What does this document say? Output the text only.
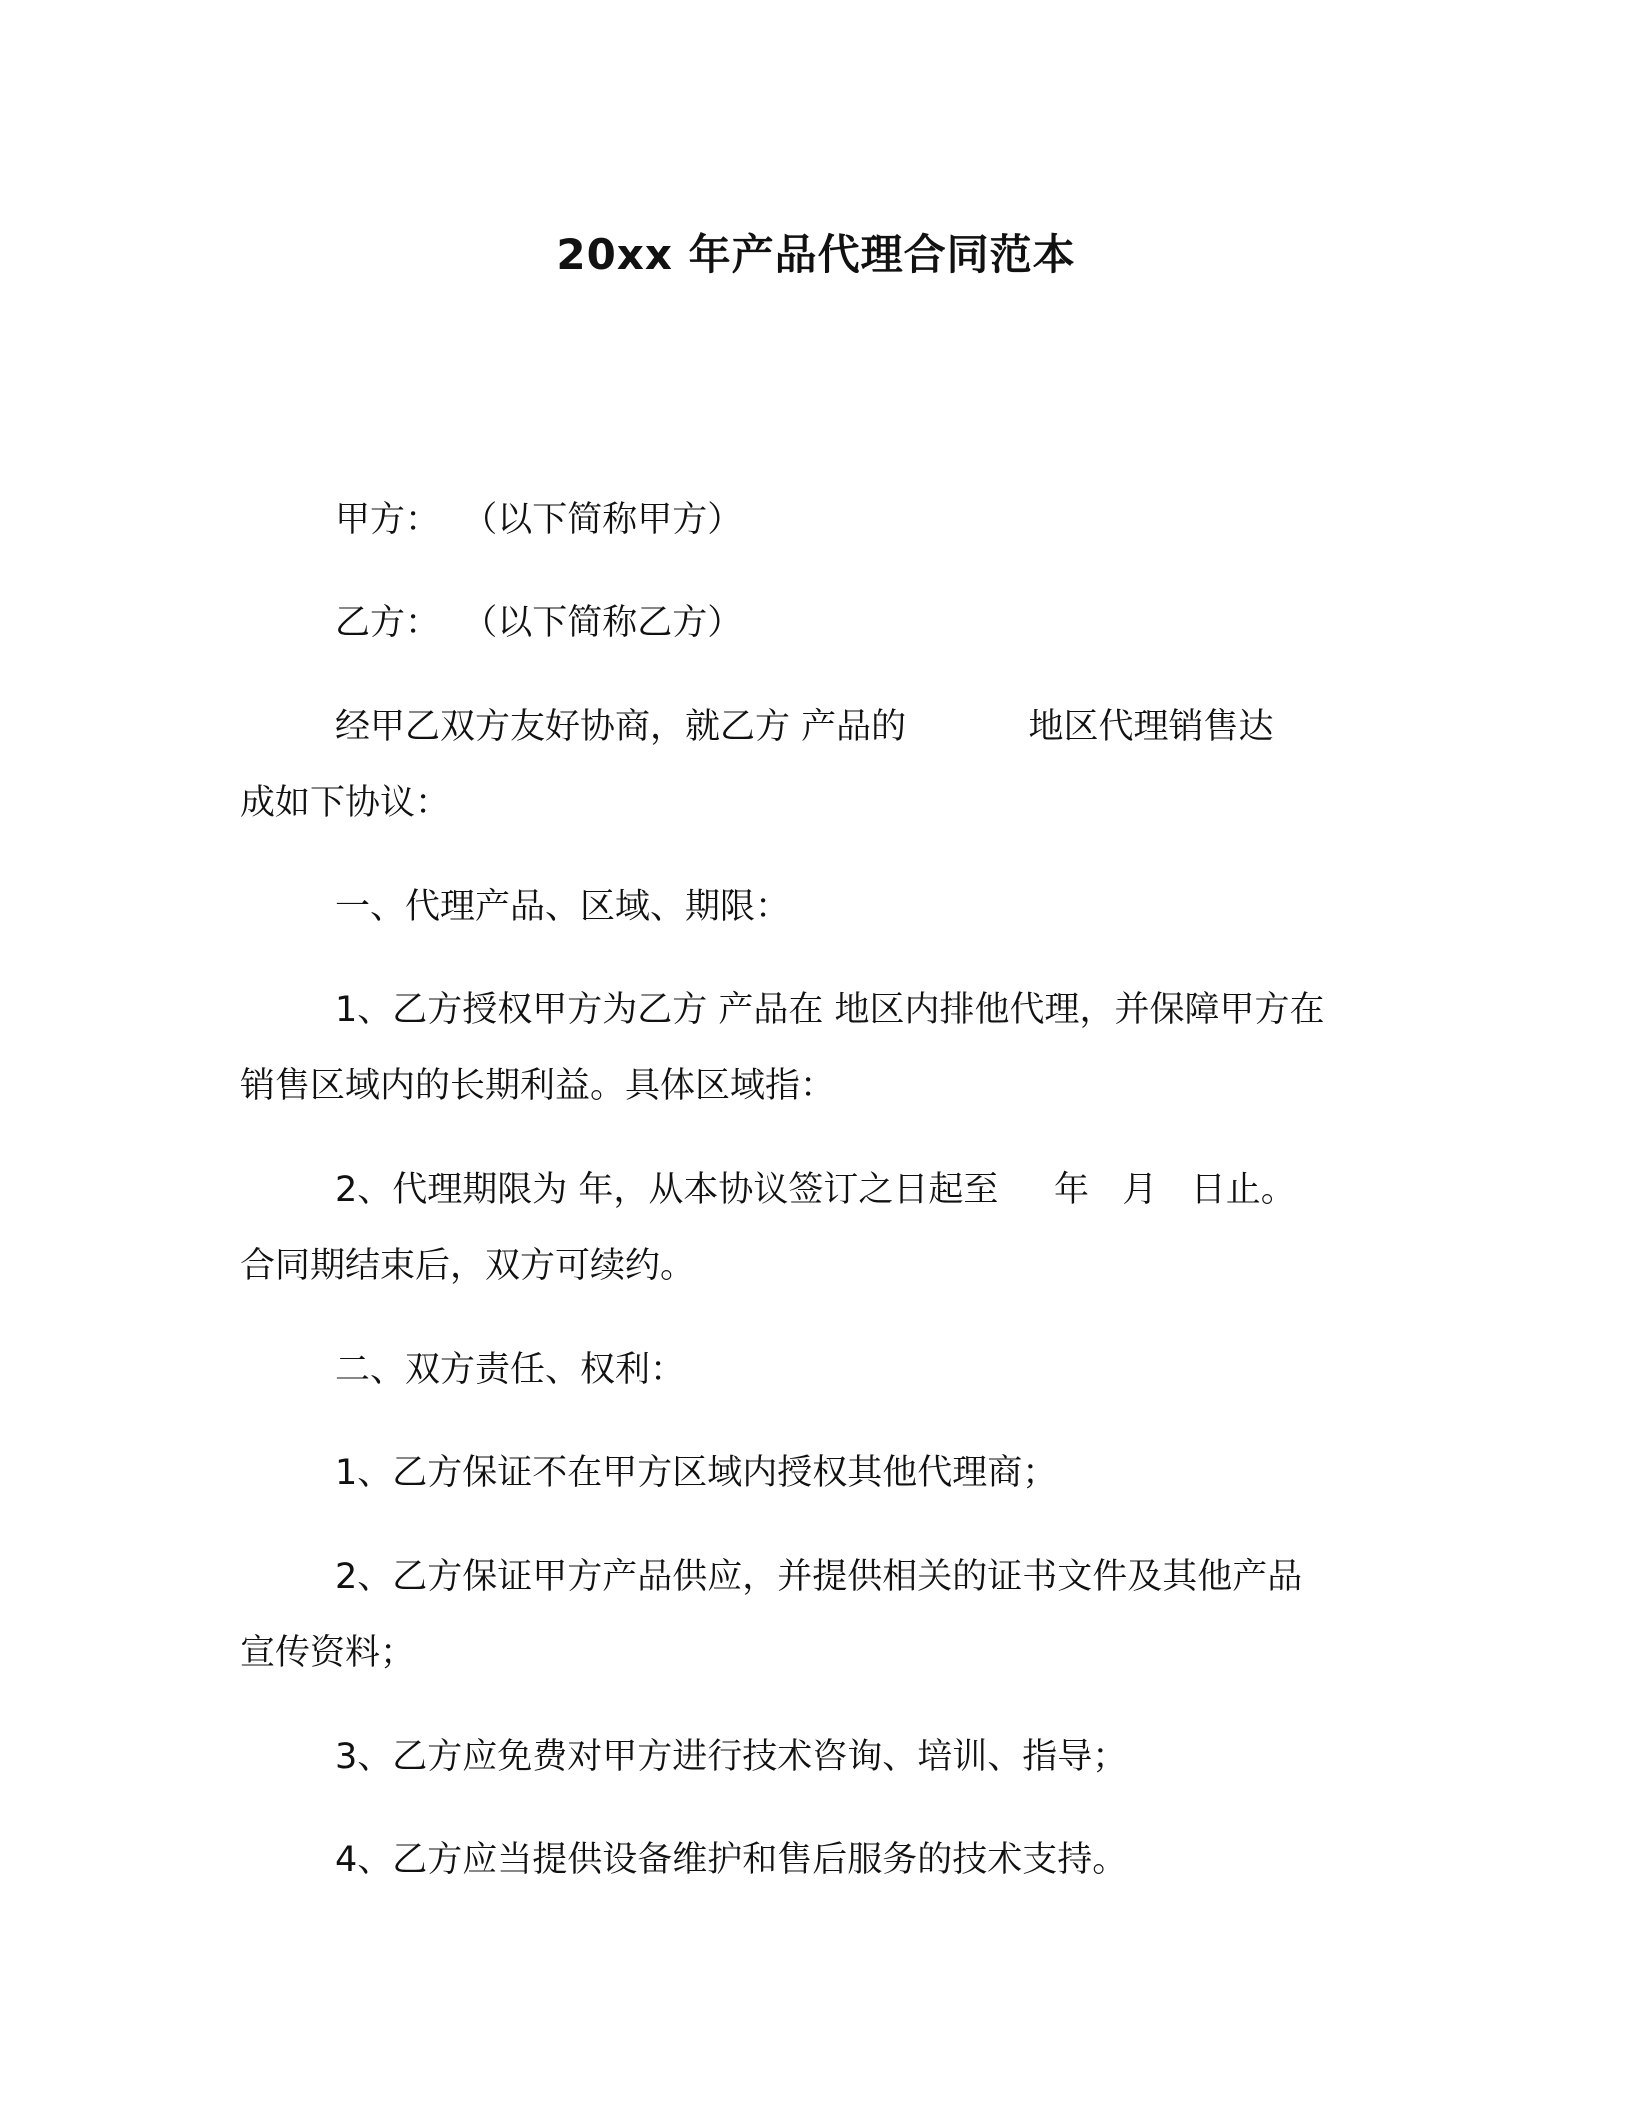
20xx 年产品代理合同范本
甲方：  （以下简称甲方）
乙方：  （以下简称乙方）
经甲乙双方友好协商，就乙方 产品的           地区代理销售达
成如下协议：
一、代理产品、区域、期限：
1、乙方授权甲方为乙方 产品在 地区内排他代理，并保障甲方在
销售区域内的长期利益。具体区域指：
2、代理期限为 年，从本协议签订之日起至     年   月   日止。
合同期结束后，双方可续约。
二、双方责任、权利：
1、乙方保证不在甲方区域内授权其他代理商；
2、乙方保证甲方产品供应，并提供相关的证书文件及其他产品
宣传资料；
3、乙方应免费对甲方进行技术咨询、培训、指导；
4、乙方应当提供设备维护和售后服务的技术支持。
